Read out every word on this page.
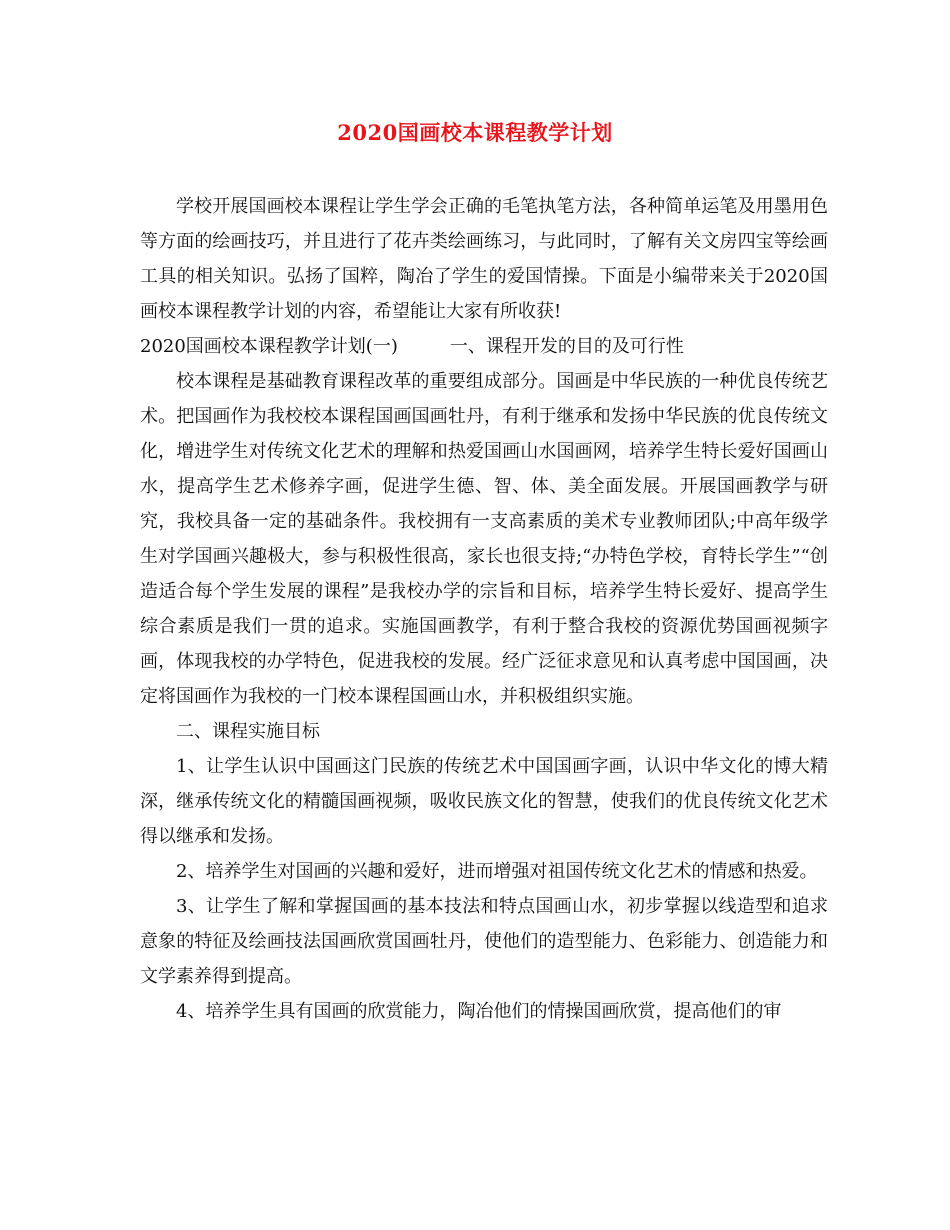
2020国画校本课程教学计划

学校开展国画校本课程让学生学会正确的毛笔执笔方法，各种简单运笔及用墨用色等方面的绘画技巧，并且进行了花卉类绘画练习，与此同时，了解有关文房四宝等绘画工具的相关知识。弘扬了国粹，陶冶了学生的爱国情操。下面是小编带来关于2020国画校本课程教学计划的内容，希望能让大家有所收获!

2020国画校本课程教学计划(一)	一、课程开发的目的及可行性

校本课程是基础教育课程改革的重要组成部分。国画是中华民族的一种优良传统艺术。把国画作为我校校本课程国画国画牡丹，有利于继承和发扬中华民族的优良传统文化，增进学生对传统文化艺术的理解和热爱国画山水国画网，培养学生特长爱好国画山水，提高学生艺术修养字画，促进学生德、智、体、美全面发展。开展国画教学与研究，我校具备一定的基础条件。我校拥有一支高素质的美术专业教师团队;中高年级学生对学国画兴趣极大，参与积极性很高，家长也很支持;“办特色学校，育特长学生”“创造适合每个学生发展的课程”是我校办学的宗旨和目标，培养学生特长爱好、提高学生综合素质是我们一贯的追求。实施国画教学，有利于整合我校的资源优势国画视频字画，体现我校的办学特色，促进我校的发展。经广泛征求意见和认真考虑中国国画，决定将国画作为我校的一门校本课程国画山水，并积极组织实施。

二、课程实施目标

1、让学生认识中国画这门民族的传统艺术中国国画字画，认识中华文化的博大精深，继承传统文化的精髓国画视频，吸收民族文化的智慧，使我们的优良传统文化艺术得以继承和发扬。

2、培养学生对国画的兴趣和爱好，进而增强对祖国传统文化艺术的情感和热爱。

3、让学生了解和掌握国画的基本技法和特点国画山水，初步掌握以线造型和追求意象的特征及绘画技法国画欣赏国画牡丹，使他们的造型能力、色彩能力、创造能力和文学素养得到提高。

4、培养学生具有国画的欣赏能力，陶冶他们的情操国画欣赏，提高他们的审
